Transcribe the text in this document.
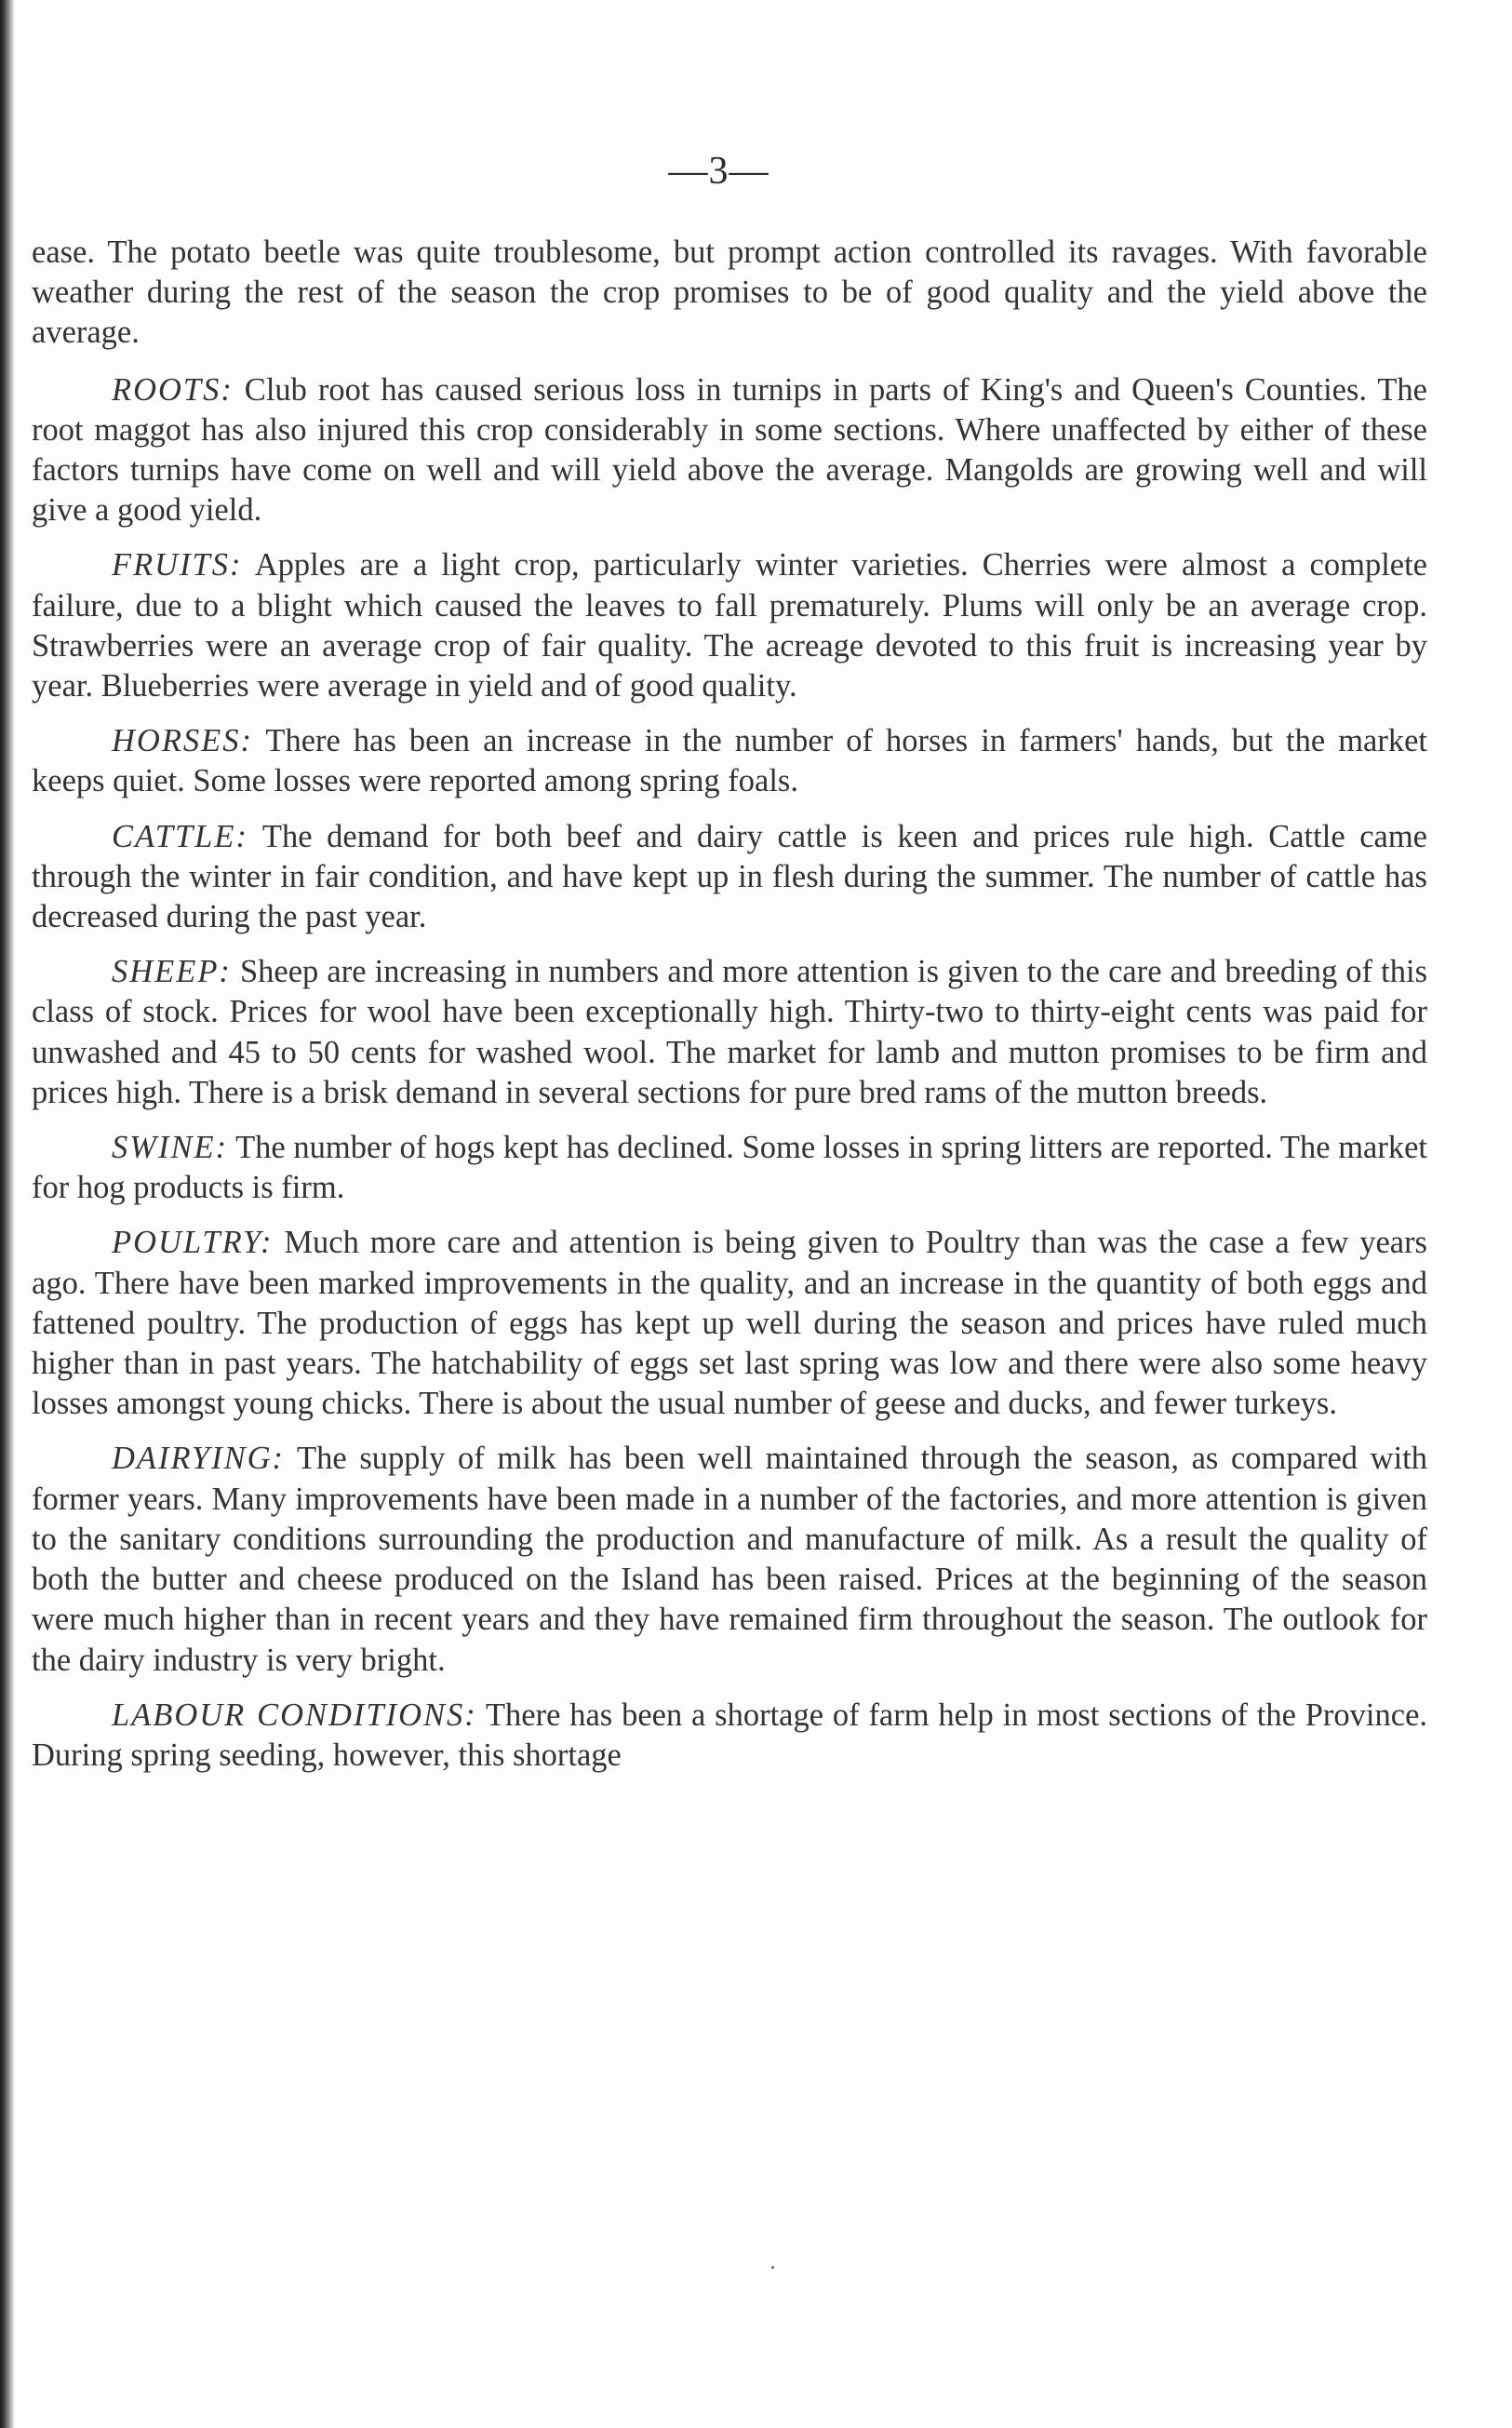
—3—

ease. The potato beetle was quite troublesome, but prompt action controlled its ravages. With favorable weather during the rest of the season the crop promises to be of good quality and the yield above the average.

ROOTS: Club root has caused serious loss in turnips in parts of King's and Queen's Counties. The root maggot has also injured this crop considerably in some sections. Where unaffected by either of these factors turnips have come on well and will yield above the average. Mangolds are growing well and will give a good yield.

FRUITS: Apples are a light crop, particularly winter varieties. Cherries were almost a complete failure, due to a blight which caused the leaves to fall prematurely. Plums will only be an average crop. Strawberries were an average crop of fair quality. The acreage devoted to this fruit is increasing year by year. Blueberries were average in yield and of good quality.

HORSES: There has been an increase in the number of horses in farmers' hands, but the market keeps quiet. Some losses were reported among spring foals.

CATTLE: The demand for both beef and dairy cattle is keen and prices rule high. Cattle came through the winter in fair condition, and have kept up in flesh during the summer. The number of cattle has decreased during the past year.

SHEEP: Sheep are increasing in numbers and more attention is given to the care and breeding of this class of stock. Prices for wool have been exceptionally high. Thirty-two to thirty-eight cents was paid for unwashed and 45 to 50 cents for washed wool. The market for lamb and mutton promises to be firm and prices high. There is a brisk demand in several sections for pure bred rams of the mutton breeds.

SWINE: The number of hogs kept has declined. Some losses in spring litters are reported. The market for hog products is firm.

POULTRY: Much more care and attention is being given to Poultry than was the case a few years ago. There have been marked improvements in the quality, and an increase in the quantity of both eggs and fattened poultry. The production of eggs has kept up well during the season and prices have ruled much higher than in past years. The hatchability of eggs set last spring was low and there were also some heavy losses amongst young chicks. There is about the usual number of geese and ducks, and fewer turkeys.

DAIRYING: The supply of milk has been well maintained through the season, as compared with former years. Many improvements have been made in a number of the factories, and more attention is given to the sanitary conditions surrounding the production and manufacture of milk. As a result the quality of both the butter and cheese produced on the Island has been raised. Prices at the beginning of the season were much higher than in recent years and they have remained firm throughout the season. The outlook for the dairy industry is very bright.

LABOUR CONDITIONS: There has been a shortage of farm help in most sections of the Province. During spring seeding, however, this shortage
